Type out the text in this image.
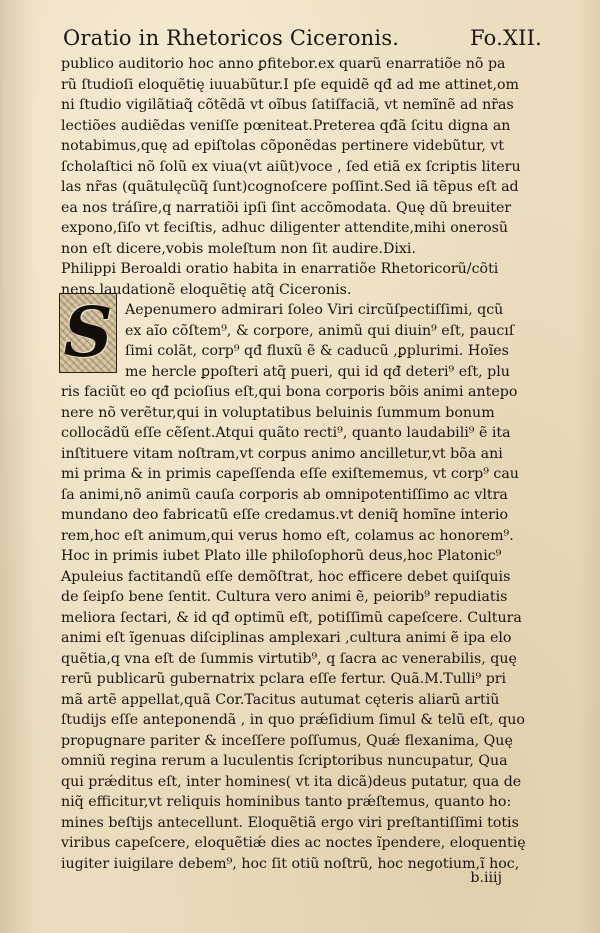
Oratio in Rhetoricos Ciceronis.	Fo.XII.
S
publico auditorio hoc anno ꝑfitebor.ex quarũ enarratiõe nõ pa
rũ ſtudioſi eloquẽtię iuuabũtur.I pſe equidẽ qđ ad me attinet,om
ni ſtudio vigilãtiaq̃ cõtẽdã vt oĩbus ſatiſfaciã, vt nemĩnẽ ad nr̃as
lectiões audiẽdas veniſſe pœniteat.Preterea qđã ſcitu digna an
notabimus,quę ad epiſtolas cõponẽdas pertinere videbũtur, vt
ſcholaſtici nõ ſolũ ex viua(vt aiũt)voce , ſed etiã ex ſcriptis literu
las nr̃as (quãtulęcũq̃ ſunt)cognoſcere poſſint.Sed iã tẽpus eſt ad
ea nos tráſire,q narratiõi ipſi ſint accõmodata. Quę dũ breuiter
expono,ſiſo vt feciſtis, adhuc diligenter attendite,mihi onerosũ
non eſt dicere,vobis moleſtum non ſit audire.Dixi.
Philippi Beroaldi oratio habita in enarratiõe Rhetoricorũ/cõti
nens laudationẽ eloquẽtię atq̃ Ciceronis.
Aepenumero admirari ſoleo Viri circũſpectiſſimi, qcũ
ex aĩo cõſtem⁹, & corpore, animũ qui diuin⁹ eſt, paucıſ
ſimi colãt, corp⁹ qđ fluxũ ẽ & caducũ ,ꝑplurimi. Hoĩes
me hercle ꝑpoſteri atq̃ pueri, qui id qđ deteri⁹ eſt, plu
ris faciũt eo qđ pcioſius eſt,qui bona corporis bõis animi antepo
nere nõ verẽtur,qui in voluptatibus beluinis ſummum bonum
collocãdũ eſſe cẽſent.Atqui quãto recti⁹, quanto laudabili⁹ ẽ ita
inſtituere vitam noſtram,vt corpus animo ancilletur,vt bõa ani
mi prima & in primis capeſſenda eſſe exiſtememus, vt corp⁹ cau
ſa animi,nõ animũ cauſa corporis ab omnipotentiſſimo ac vltra
mundano deo fabricatũ eſſe credamus.vt deniq̃ homĩne interio
rem,hoc eſt animum,qui verus homo eſt, colamus ac honorem⁹.
Hoc in primis iubet Plato ille philoſophorũ deus,hoc Platonic⁹
Apuleius factitandũ eſſe demõſtrat, hoc efficere debet quiſquis
de ſeipſo bene ſentit. Cultura vero animi ẽ, peiorib⁹ repudiatis
meliora ſectari, & id qđ optimũ eſt, potiſſimũ capeſcere. Cultura
animi eſt ĩgenuas diſciplinas amplexari ,cultura animi ẽ ipa elo
quẽtia,q vna eſt de ſummis virtutib⁹, q ſacra ac venerabilis, quę
rerũ publicarũ gubernatrix pclara eſſe fertur. Quã.M.Tulli⁹ pri
mã artẽ appellat,quã Cor.Tacitus autumat cęteris aliarũ artiũ
ſtudijs eſſe anteponendã , in quo prǽſidium ſimul & telũ eſt, quo
propugnare pariter & inceſſere poſſumus, Quǽ flexanima, Quę
omniũ regina rerum a luculentis ſcriptoribus nuncupatur, Qua
qui prǽditus eſt, inter homines( vt ita dicã)deus putatur, qua de
niq̃ efficitur,vt reliquis hominibus tanto prǽſtemus, quanto ho:
mines beſtijs antecellunt. Eloquẽtiã ergo viri preſtantiſſimi totis
viribus capeſcere, eloquẽtiǽ dies ac noctes ĩpendere, eloquentię
iugiter iuigilare debem⁹, hoc ſit otiũ noſtrũ, hoc negotium,ĩ hoc,
b.iiij
